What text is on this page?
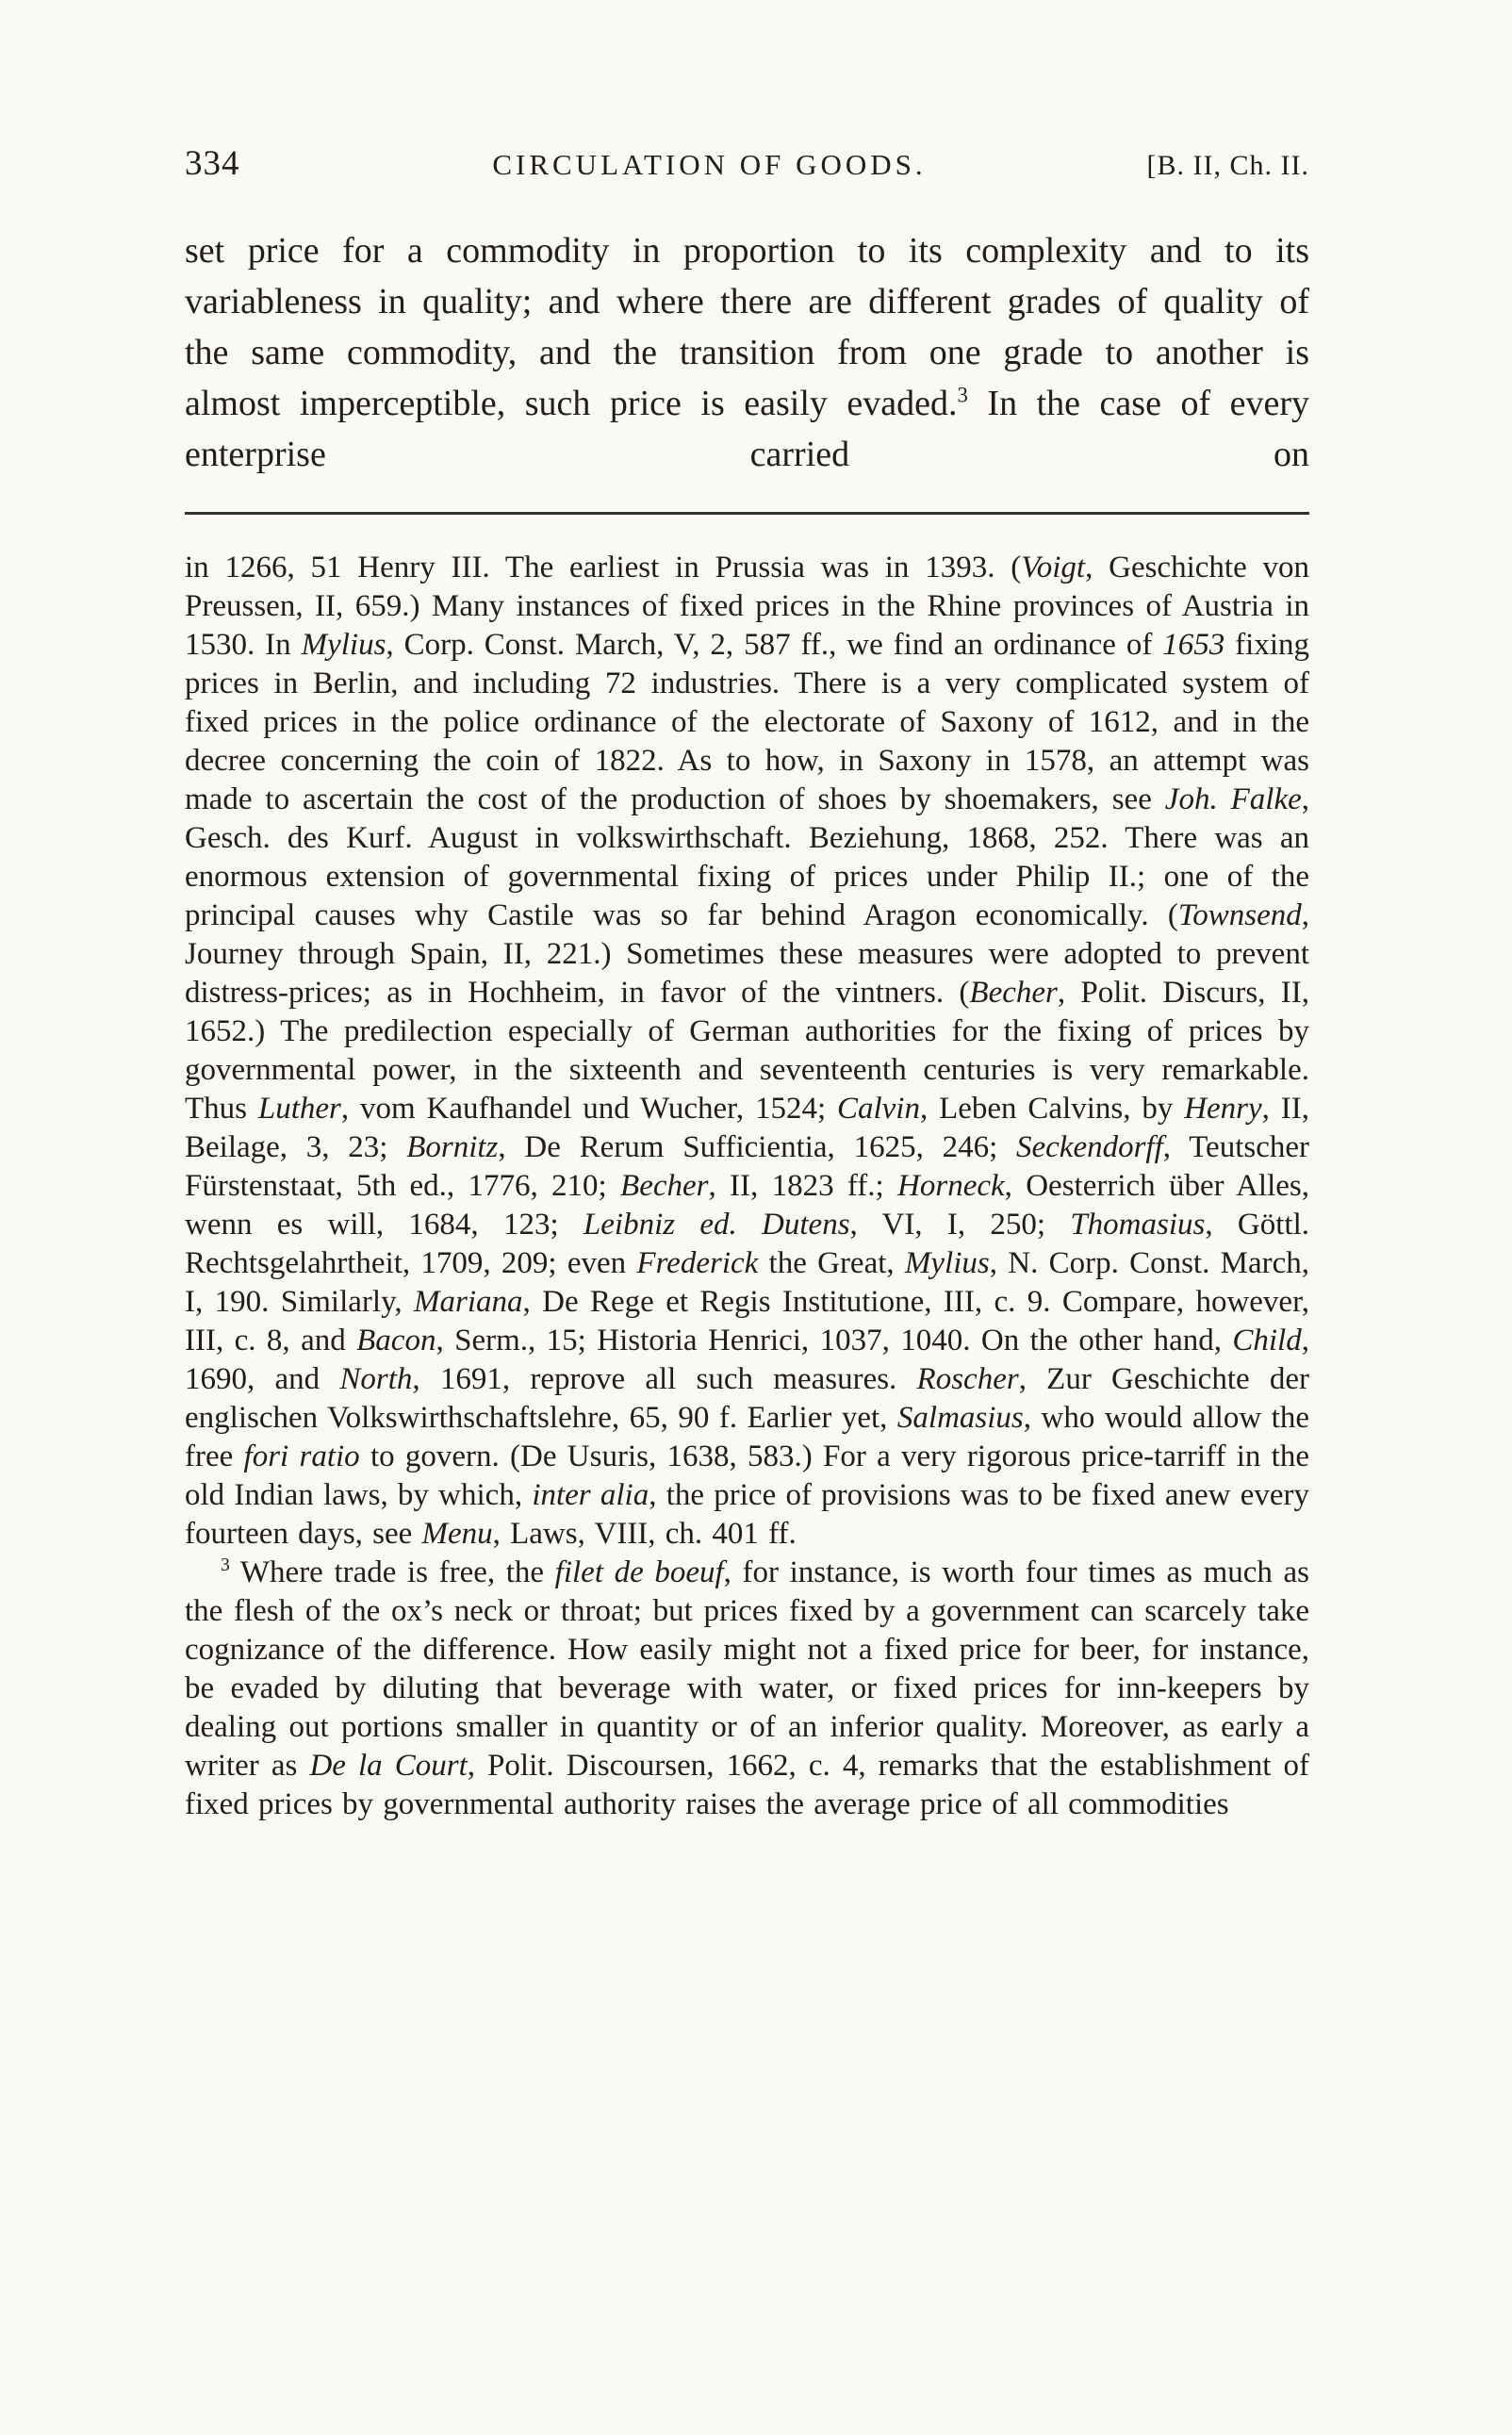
334	CIRCULATION OF GOODS.	[B. II, Ch. II.

set price for a commodity in proportion to its complexity and to its variableness in quality; and where there are different grades of quality of the same commodity, and the transition from one grade to another is almost imperceptible, such price is easily evaded.$^3$ In the case of every enterprise carried on

in 1266, 51 Henry III. The earliest in Prussia was in 1393. (Voigt, Geschichte von Preussen, II, 659.) Many instances of fixed prices in the Rhine provinces of Austria in 1530. In Mylius, Corp. Const. March, V, 2, 587 ff., we find an ordinance of 1653 fixing prices in Berlin, and including 72 industries. There is a very complicated system of fixed prices in the police ordinance of the electorate of Saxony of 1612, and in the decree concerning the coin of 1822. As to how, in Saxony in 1578, an attempt was made to ascertain the cost of the production of shoes by shoemakers, see Joh. Falke, Gesch. des Kurf. August in volkswirthschaft. Beziehung, 1868, 252. There was an enormous extension of governmental fixing of prices under Philip II.; one of the principal causes why Castile was so far behind Aragon economically. (Townsend, Journey through Spain, II, 221.) Sometimes these measures were adopted to prevent distress-prices; as in Hochheim, in favor of the vintners. (Becher, Polit. Discurs, II, 1652.) The predilection especially of German authorities for the fixing of prices by governmental power, in the sixteenth and seventeenth centuries is very remarkable. Thus Luther, vom Kaufhandel und Wucher, 1524; Calvin, Leben Calvins, by Henry, II, Beilage, 3, 23; Bornitz, De Rerum Sufficientia, 1625, 246; Seckendorff, Teutscher Fürstenstaat, 5th ed., 1776, 210; Becher, II, 1823 ff.; Horneck, Oesterrich über Alles, wenn es will, 1684, 123; Leibniz ed. Dutens, VI, I, 250; Thomasius, Göttl. Rechtsgelahrtheit, 1709, 209; even Frederick the Great, Mylius, N. Corp. Const. March, I, 190. Similarly, Mariana, De Rege et Regis Institutione, III, c. 9. Compare, however, III, c. 8, and Bacon, Serm., 15; Historia Henrici, 1037, 1040. On the other hand, Child, 1690, and North, 1691, reprove all such measures. Roscher, Zur Geschichte der englischen Volkswirthschaftslehre, 65, 90 f. Earlier yet, Salmasius, who would allow the free fori ratio to govern. (De Usuris, 1638, 583.) For a very rigorous price-tarriff in the old Indian laws, by which, inter alia, the price of provisions was to be fixed anew every fourteen days, see Menu, Laws, VIII, ch. 401 ff.

$^3$ Where trade is free, the filet de boeuf, for instance, is worth four times as much as the flesh of the ox’s neck or throat; but prices fixed by a government can scarcely take cognizance of the difference. How easily might not a fixed price for beer, for instance, be evaded by diluting that beverage with water, or fixed prices for inn-keepers by dealing out portions smaller in quantity or of an inferior quality. Moreover, as early a writer as De la Court, Polit. Discoursen, 1662, c. 4, remarks that the establishment of fixed prices by governmental authority raises the average price of all commodities
